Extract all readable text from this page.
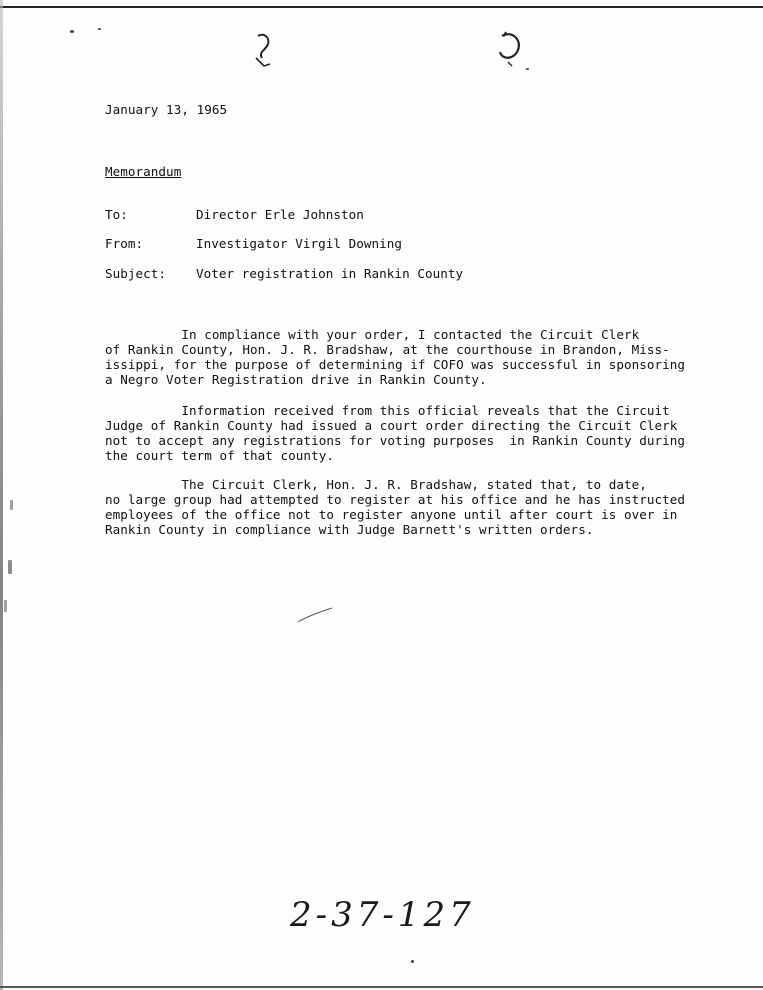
January 13, 1965
Memorandum
To:	Director Erle Johnston
From:	Investigator Virgil Downing
Subject: Voter registration in Rankin County
In compliance with your order, I contacted the Circuit Clerk
of Rankin County, Hon. J. R. Bradshaw, at the courthouse in Brandon, Miss-
issippi, for the purpose of determining if COFO was successful in sponsoring
a Negro Voter Registration drive in Rankin County.
Information received from this official reveals that the Circuit
Judge of Rankin County had issued a court order directing the Circuit Clerk
not to accept any registrations for voting purposes  in Rankin County during
the court term of that county.
The Circuit Clerk, Hon. J. R. Bradshaw, stated that, to date,
no large group had attempted to register at his office and he has instructed
employees of the office not to register anyone until after court is over in
Rankin County in compliance with Judge Barnett's written orders.
2-37-127
